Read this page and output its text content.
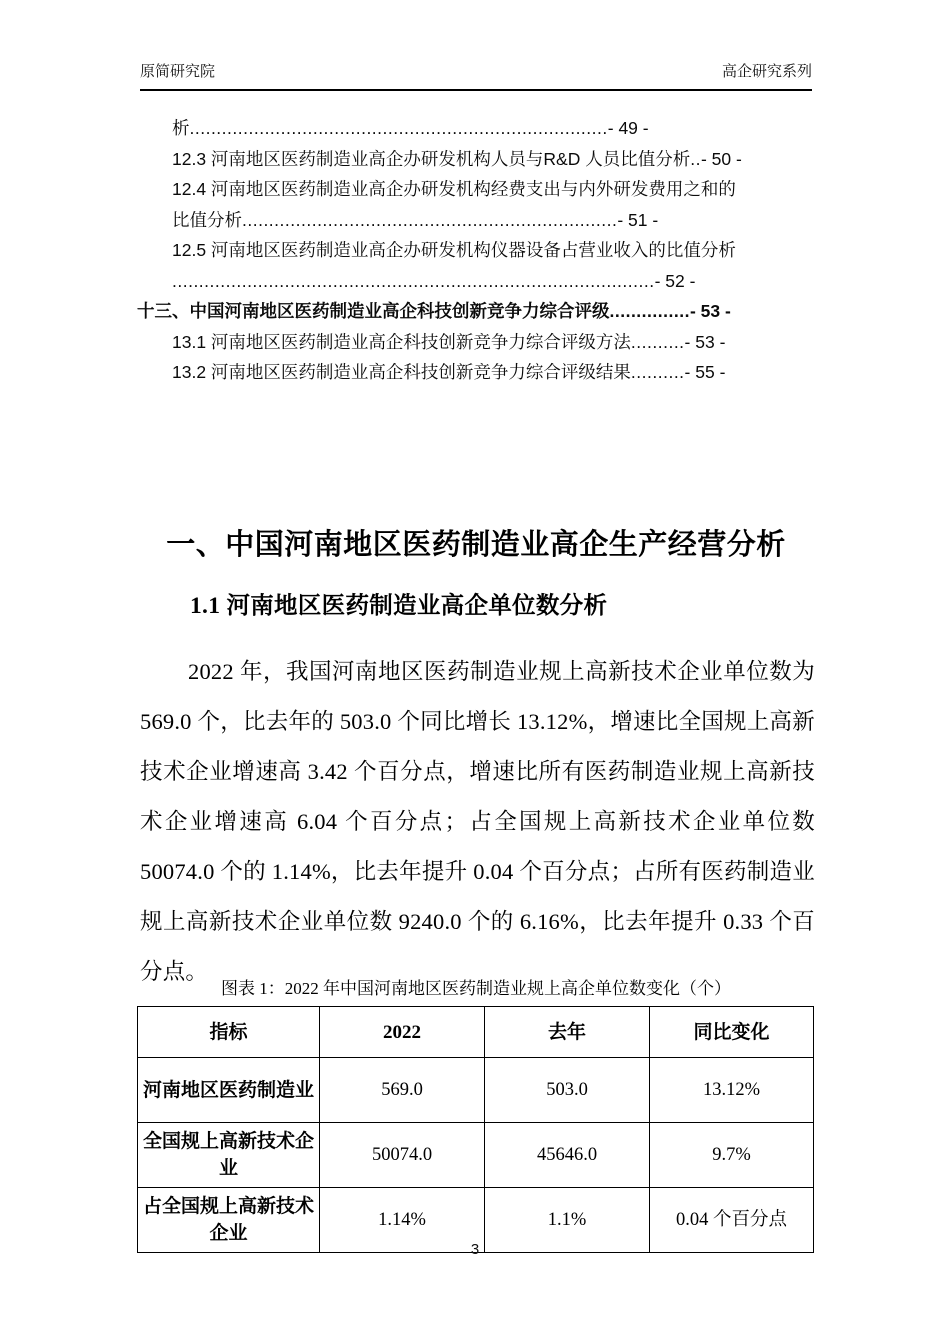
原简研究院	高企研究系列
析..............................................................................- 49 -
12.3 河南地区医药制造业高企办研发机构人员与R&D 人员比值分析..- 50 -
12.4 河南地区医药制造业高企办研发机构经费支出与内外研发费用之和的
比值分析......................................................................- 51 -
12.5 河南地区医药制造业高企办研发机构仪器设备占营业收入的比值分析
..........................................................................................- 52 -
十三、中国河南地区医药制造业高企科技创新竞争力综合评级...............- 53 -
13.1 河南地区医药制造业高企科技创新竞争力综合评级方法..........- 53 -
13.2 河南地区医药制造业高企科技创新竞争力综合评级结果..........- 55 -
一、中国河南地区医药制造业高企生产经营分析
1.1 河南地区医药制造业高企单位数分析

2022 年，我国河南地区医药制造业规上高新技术企业单位数为 569.0 个，比去年的 503.0 个同比增长 13.12%，增速比全国规上高新技术企业增速高 3.42 个百分点，增速比所有医药制造业规上高新技术企业增速高 6.04 个百分点；占全国规上高新技术企业单位数 50074.0 个的 1.14%，比去年提升 0.04 个百分点；占所有医药制造业规上高新技术企业单位数 9240.0 个的 6.16%，比去年提升 0.33 个百分点。

图表 1：2022 年中国河南地区医药制造业规上高企单位数变化（个）
指标	2022	去年	同比变化
河南地区医药制造业	569.0	503.0	13.12%
全国规上高新技术企业	50074.0	45646.0	9.7%
占全国规上高新技术企业	1.14%	1.1%	0.04 个百分点
3
